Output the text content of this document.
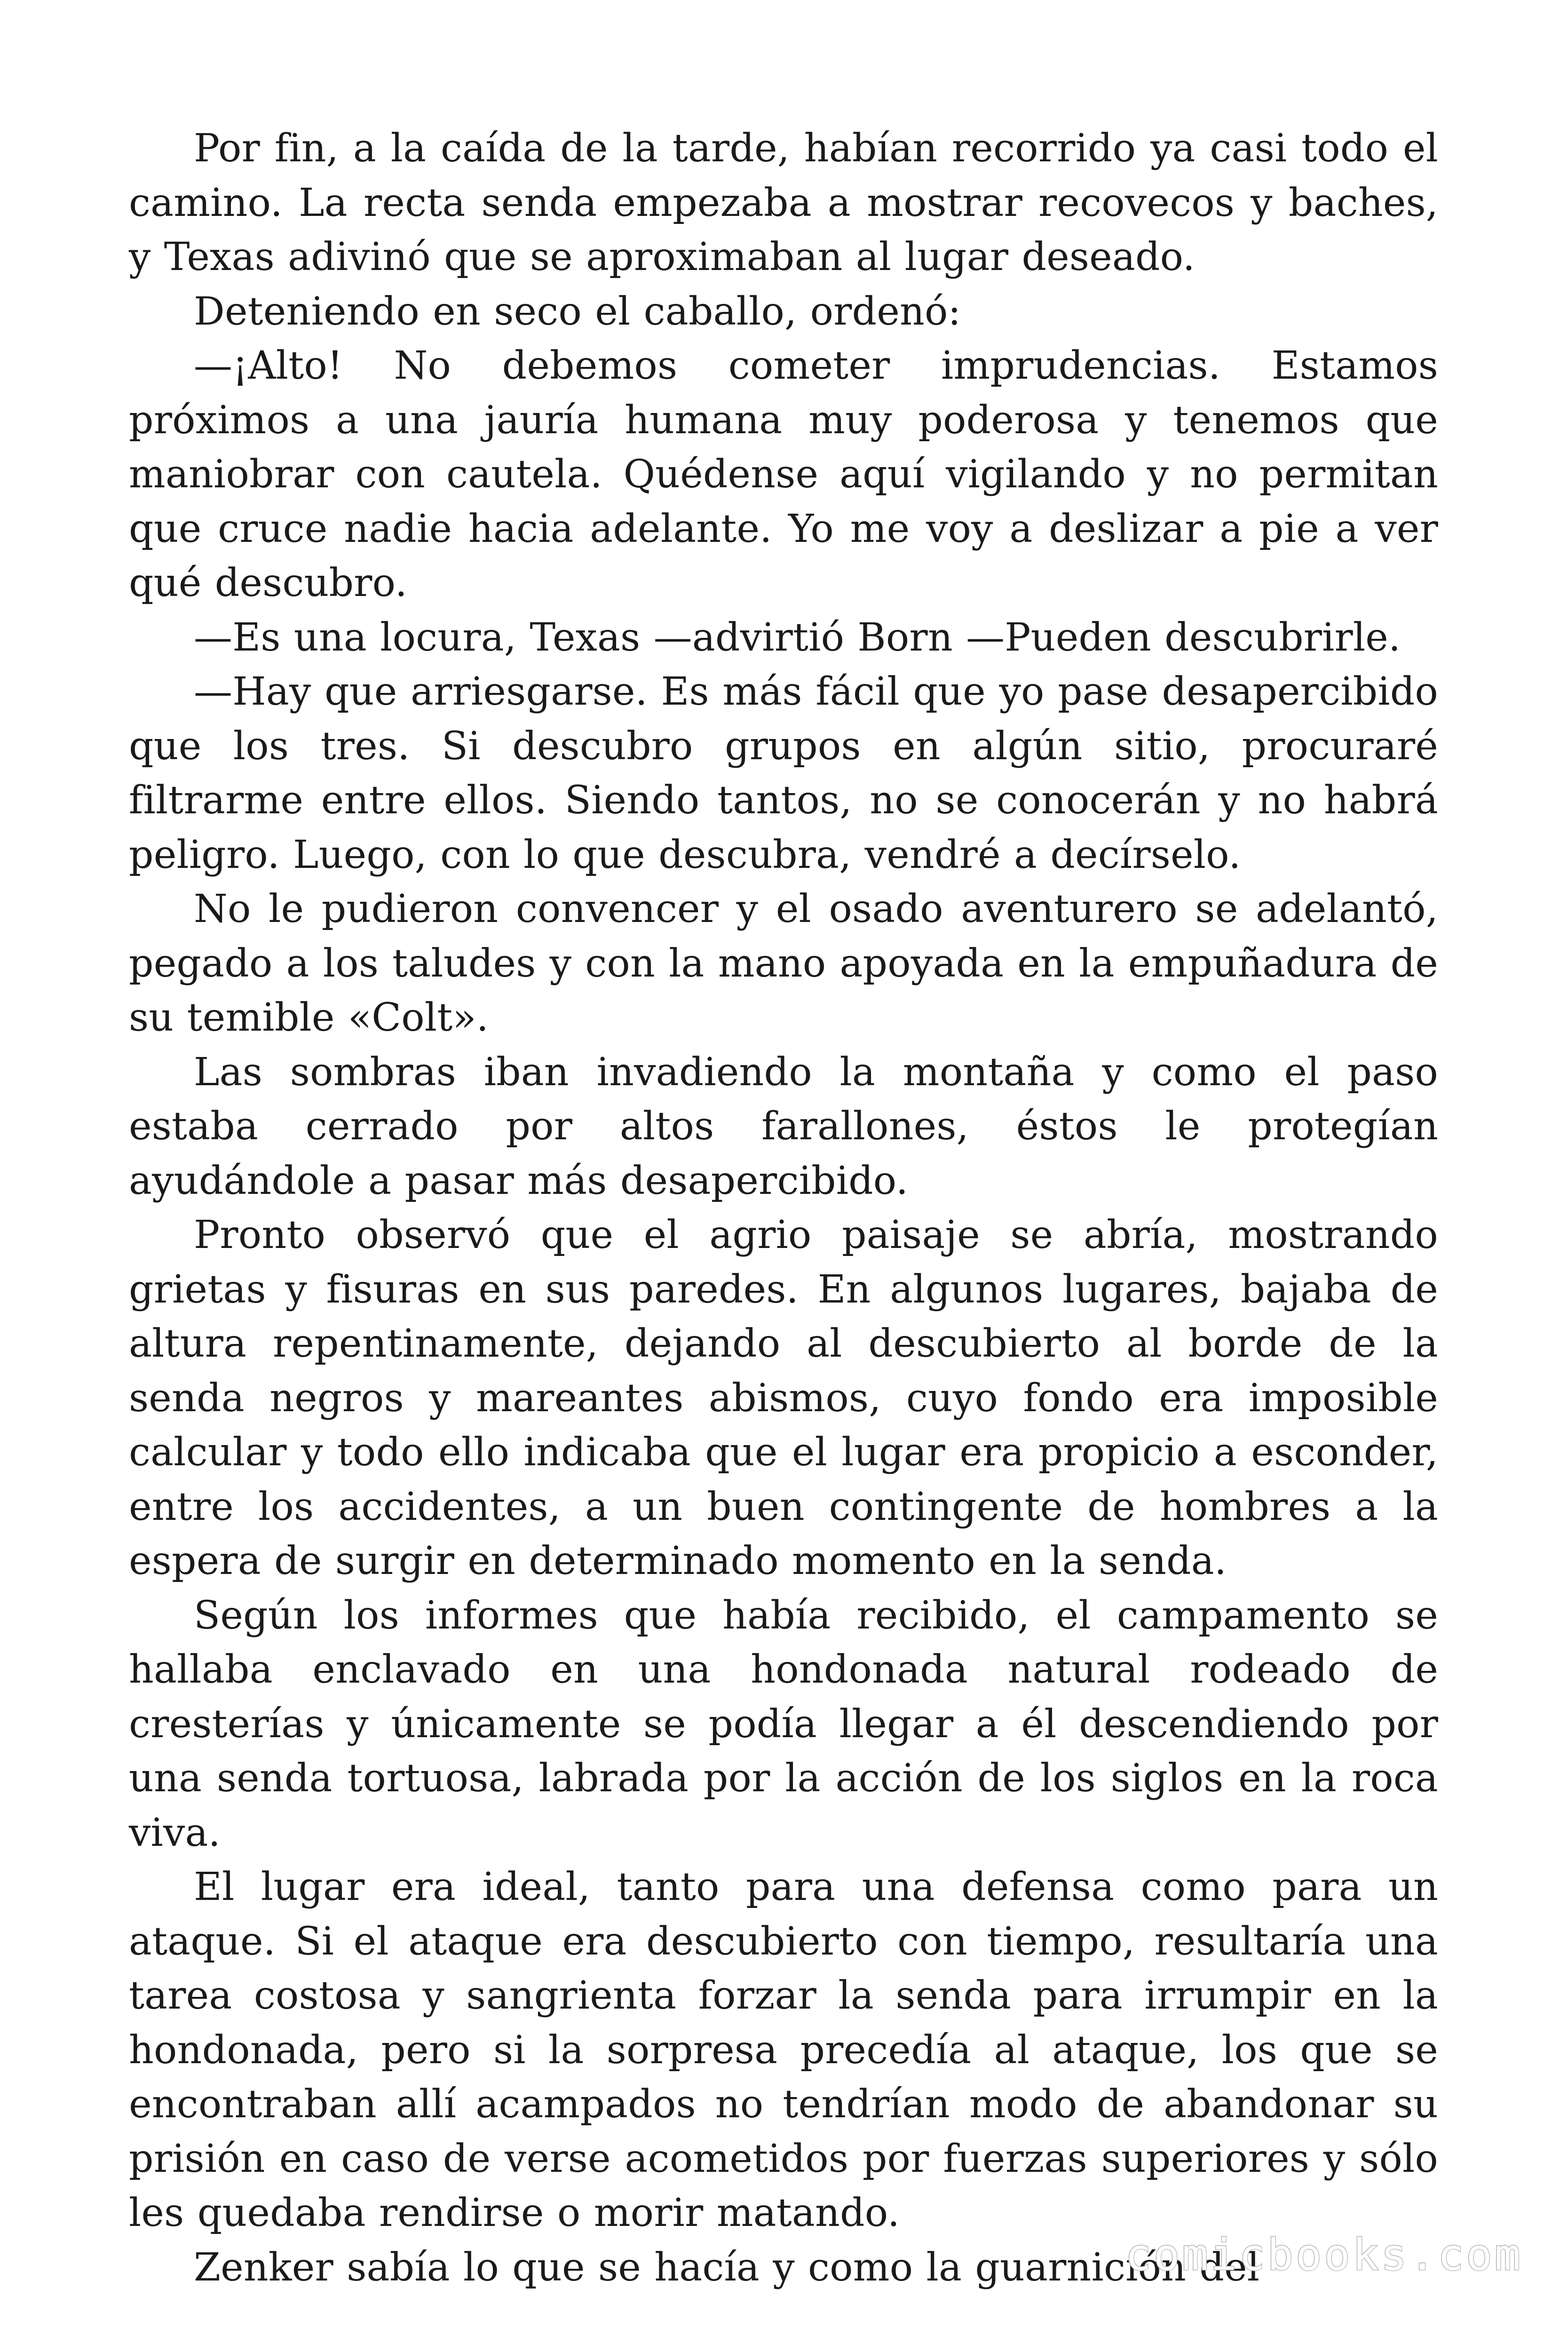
Por fin, a la caída de la tarde, habían recorrido ya casi todo el camino. La recta senda empezaba a mostrar recovecos y baches, y Texas adivinó que se aproximaban al lugar deseado.

Deteniendo en seco el caballo, ordenó:

—¡Alto! No debemos cometer imprudencias. Estamos próximos a una jauría humana muy poderosa y tenemos que maniobrar con cautela. Quédense aquí vigilando y no permitan que cruce nadie hacia adelante. Yo me voy a deslizar a pie a ver qué descubro.

—Es una locura, Texas —advirtió Born —Pueden descubrirle.

—Hay que arriesgarse. Es más fácil que yo pase desapercibido que los tres. Si descubro grupos en algún sitio, procuraré filtrarme entre ellos. Siendo tantos, no se conocerán y no habrá peligro. Luego, con lo que descubra, vendré a decírselo.

No le pudieron convencer y el osado aventurero se adelantó, pegado a los taludes y con la mano apoyada en la empuñadura de su temible «Colt».

Las sombras iban invadiendo la montaña y como el paso estaba cerrado por altos farallones, éstos le protegían ayudándole a pasar más desapercibido.

Pronto observó que el agrio paisaje se abría, mostrando grietas y fisuras en sus paredes. En algunos lugares, bajaba de altura repentinamente, dejando al descubierto al borde de la senda negros y mareantes abismos, cuyo fondo era imposible calcular y todo ello indicaba que el lugar era propicio a esconder, entre los accidentes, a un buen contingente de hombres a la espera de surgir en determinado momento en la senda.

Según los informes que había recibido, el campamento se hallaba enclavado en una hondonada natural rodeado de cresterías y únicamente se podía llegar a él descendiendo por una senda tortuosa, labrada por la acción de los siglos en la roca viva.

El lugar era ideal, tanto para una defensa como para un ataque. Si el ataque era descubierto con tiempo, resultaría una tarea costosa y sangrienta forzar la senda para irrumpir en la hondonada, pero si la sorpresa precedía al ataque, los que se encontraban allí acampados no tendrían modo de abandonar su prisión en caso de verse acometidos por fuerzas superiores y sólo les quedaba rendirse o morir matando.

Zenker sabía lo que se hacía y como la guarnición del

comicbooks.com
